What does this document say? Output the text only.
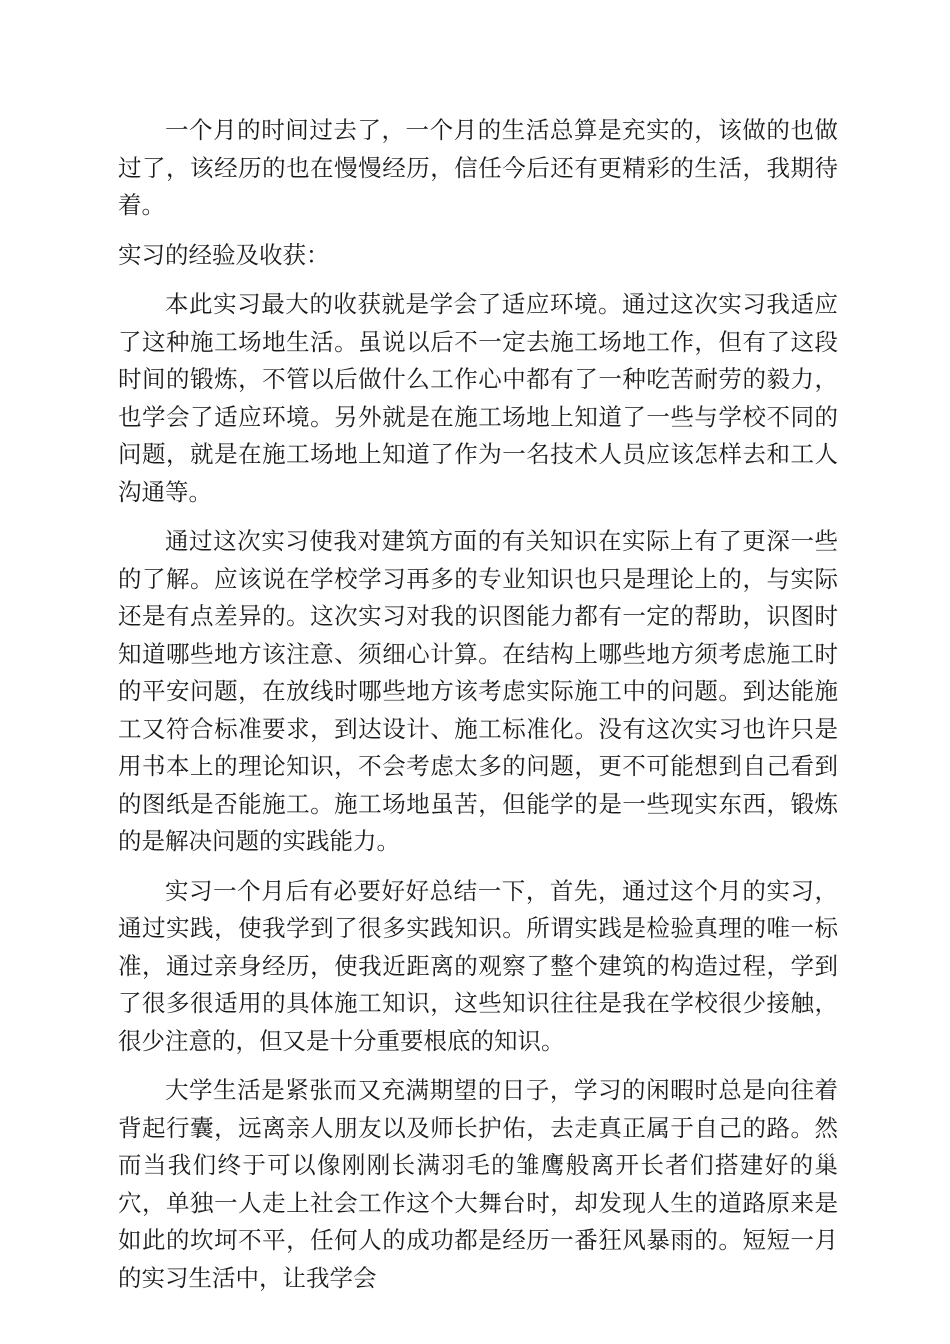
一个月的时间过去了，一个月的生活总算是充实的，该做的也做过了，该经历的也在慢慢经历，信任今后还有更精彩的生活，我期待着。

实习的经验及收获：

本此实习最大的收获就是学会了适应环境。通过这次实习我适应了这种施工场地生活。虽说以后不一定去施工场地工作，但有了这段时间的锻炼，不管以后做什么工作心中都有了一种吃苦耐劳的毅力，也学会了适应环境。另外就是在施工场地上知道了一些与学校不同的问题，就是在施工场地上知道了作为一名技术人员应该怎样去和工人沟通等。

通过这次实习使我对建筑方面的有关知识在实际上有了更深一些的了解。应该说在学校学习再多的专业知识也只是理论上的，与实际还是有点差异的。这次实习对我的识图能力都有一定的帮助，识图时知道哪些地方该注意、须细心计算。在结构上哪些地方须考虑施工时的平安问题，在放线时哪些地方该考虑实际施工中的问题。到达能施工又符合标准要求，到达设计、施工标准化。没有这次实习也许只是用书本上的理论知识，不会考虑太多的问题，更不可能想到自己看到的图纸是否能施工。施工场地虽苦，但能学的是一些现实东西，锻炼的是解决问题的实践能力。

实习一个月后有必要好好总结一下，首先，通过这个月的实习，通过实践，使我学到了很多实践知识。所谓实践是检验真理的唯一标准，通过亲身经历，使我近距离的观察了整个建筑的构造过程，学到了很多很适用的具体施工知识，这些知识往往是我在学校很少接触，很少注意的，但又是十分重要根底的知识。

大学生活是紧张而又充满期望的日子，学习的闲暇时总是向往着背起行囊，远离亲人朋友以及师长护佑，去走真正属于自己的路。然而当我们终于可以像刚刚长满羽毛的雏鹰般离开长者们搭建好的巢穴，单独一人走上社会工作这个大舞台时，却发现人生的道路原来是如此的坎坷不平，任何人的成功都是经历一番狂风暴雨的。短短一月的实习生活中，让我学会
